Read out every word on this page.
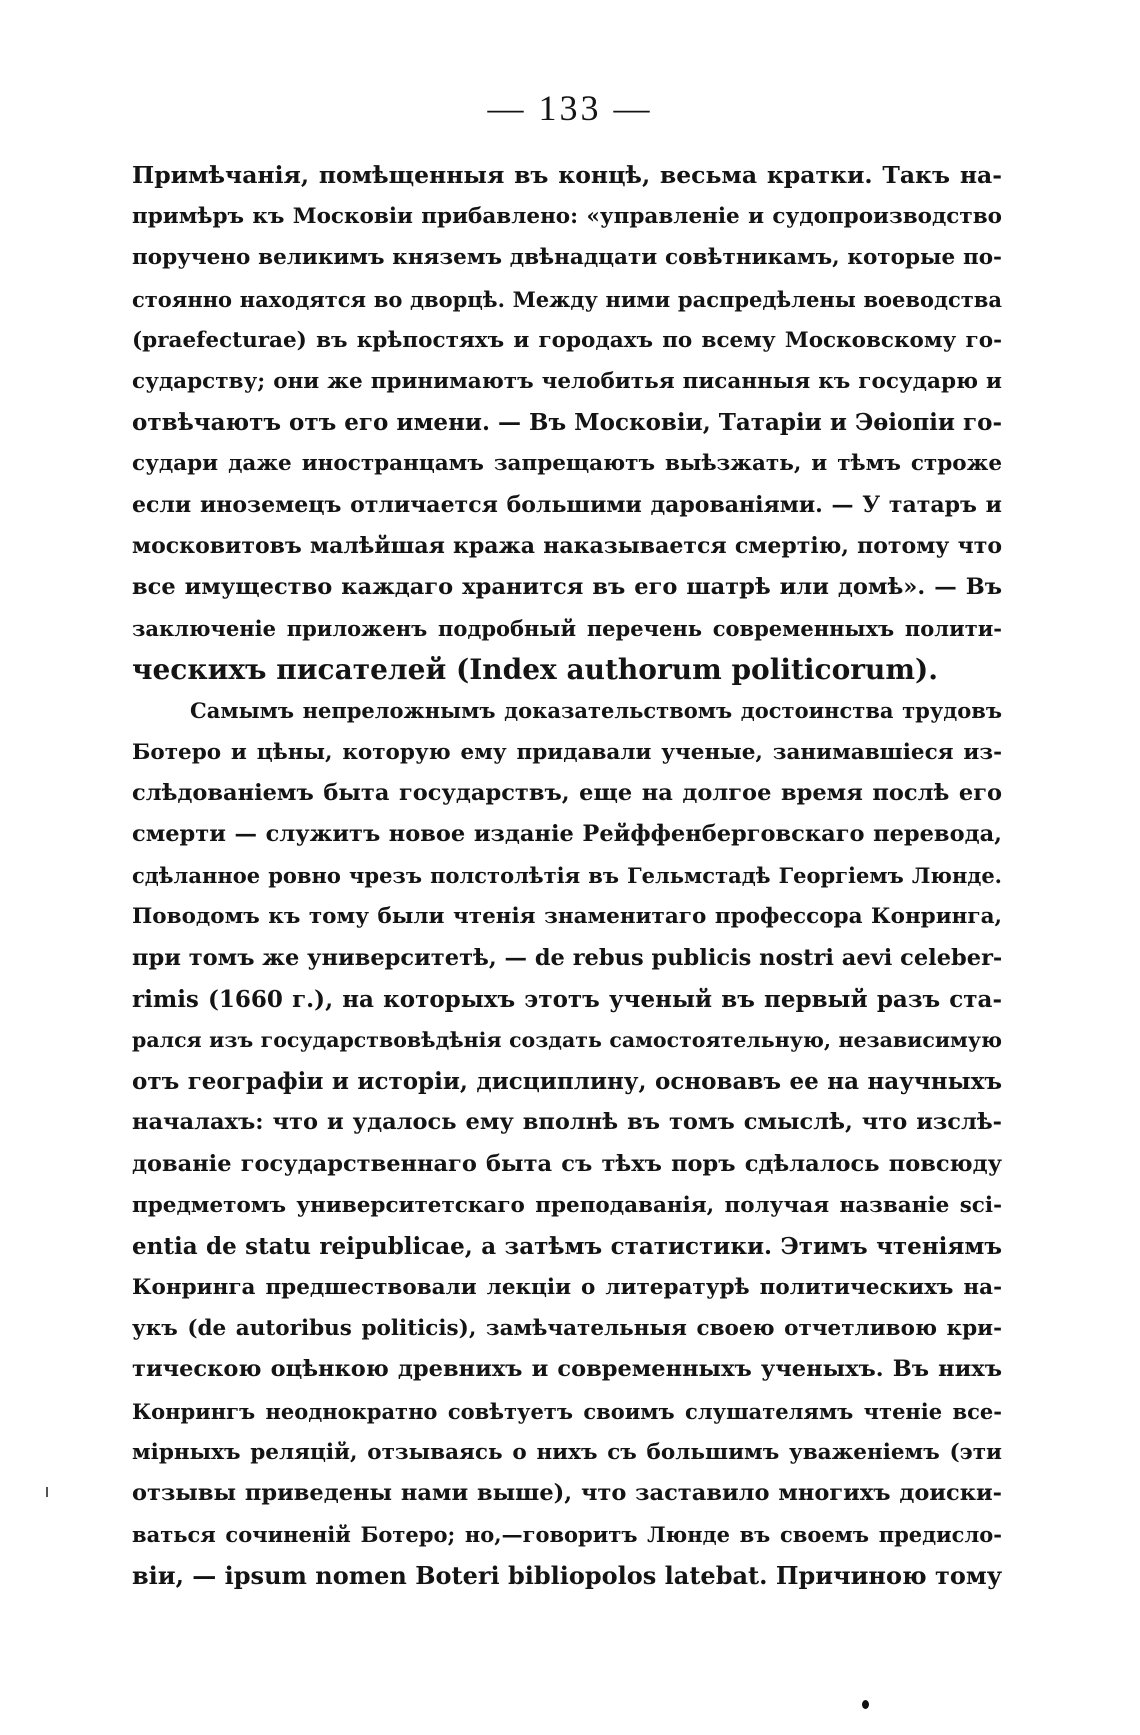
— 133 —
Примѣчанія, помѣщенныя въ концѣ, весьма кратки. Такъ на-
примѣръ къ Московіи прибавлено: «управленіе и судопроизводство
поручено великимъ княземъ двѣнадцати совѣтникамъ, которые по-
стоянно находятся во дворцѣ. Между ними распредѣлены воеводства
(praefecturae) въ крѣпостяхъ и городахъ по всему Московскому го-
сударству; они же принимаютъ челобитья писанныя къ государю и
отвѣчаютъ отъ его имени. — Въ Московіи, Татаріи и Эѳіопіи го-
судари даже иностранцамъ запрещаютъ выѣзжать, и тѣмъ строже
если иноземецъ отличается большими дарованіями. — У татаръ и
московитовъ малѣйшая кража наказывается смертію, потому что
все имущество каждаго хранится въ его шатрѣ или домѣ». — Въ
заключеніе приложенъ подробный перечень современныхъ полити-
ческихъ писателей (Index authorum politicorum).
Самымъ непреложнымъ доказательствомъ достоинства трудовъ
Ботеро и цѣны, которую ему придавали ученые, занимавшіеся из-
слѣдованіемъ быта государствъ, еще на долгое время послѣ его
смерти — служитъ новое изданіе Рейффенберговскаго перевода,
сдѣланное ровно чрезъ полстолѣтія въ Гельмстадѣ Георгіемъ Люнде.
Поводомъ къ тому были чтенія знаменитаго профессора Конринга,
при томъ же университетѣ, — de rebus publicis nostri aevi celeber-
rimis (1660 г.), на которыхъ этотъ ученый въ первый разъ ста-
рался изъ государствовѣдѣнія создать самостоятельную, независимую
отъ географіи и исторіи, дисциплину, основавъ ее на научныхъ
началахъ: что и удалось ему вполнѣ въ томъ смыслѣ, что изслѣ-
дованіе государственнаго быта съ тѣхъ поръ сдѣлалось повсюду
предметомъ университетскаго преподаванія, получая названіе sci-
entia de statu reipublicae, а затѣмъ статистики. Этимъ чтеніямъ
Конринга предшествовали лекціи о литературѣ политическихъ на-
укъ (de autoribus politicis), замѣчательныя своею отчетливою кри-
тическою оцѣнкою древнихъ и современныхъ ученыхъ. Въ нихъ
Конрингъ неоднократно совѣтуетъ своимъ слушателямъ чтеніе все-
мірныхъ реляцій, отзываясь о нихъ съ большимъ уваженіемъ (эти
отзывы приведены нами выше), что заставило многихъ доиски-
ваться сочиненій Ботеро; но,—говоритъ Люнде въ своемъ предисло-
віи, — ipsum nomen Boteri bibliopolos latebat. Причиною тому
